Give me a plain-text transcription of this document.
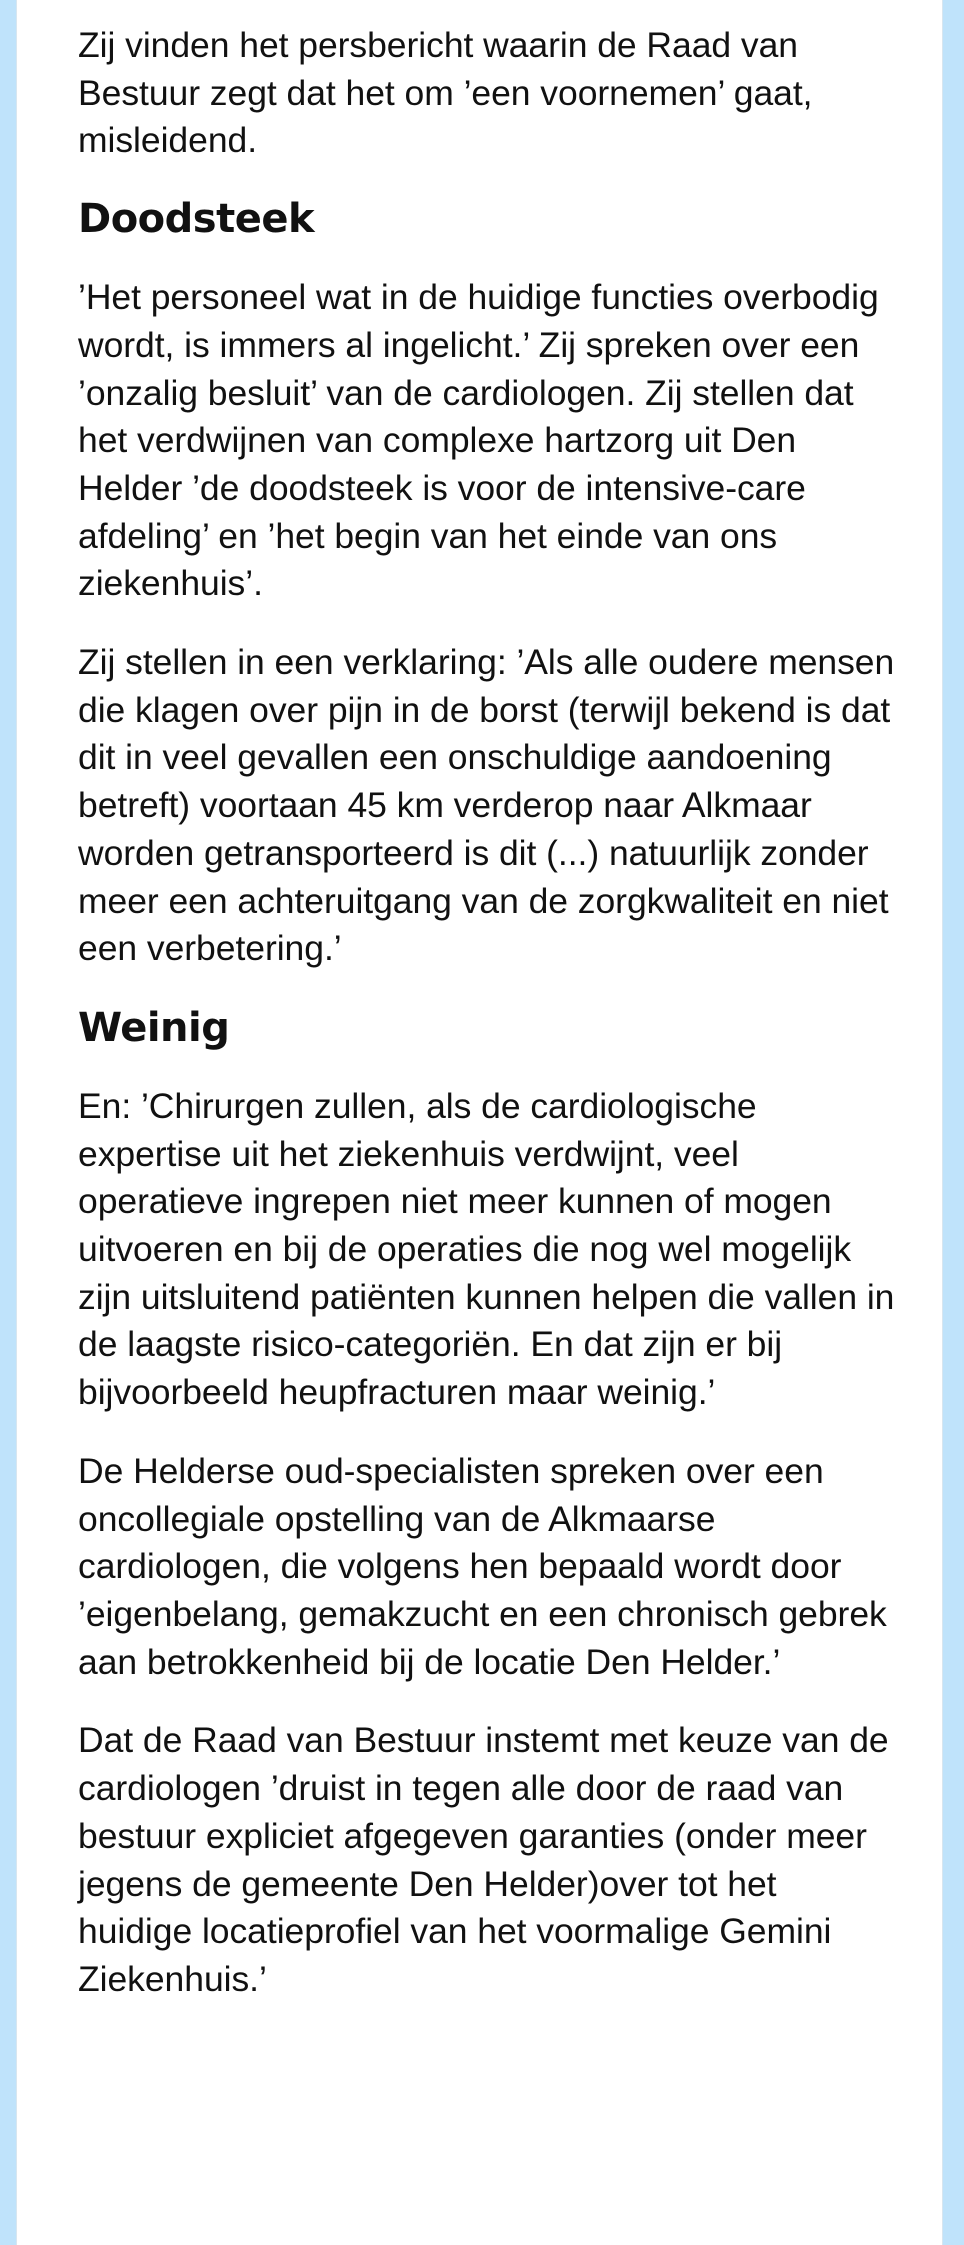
Zij vinden het persbericht waarin de Raad van Bestuur zegt dat het om ’een voornemen’ gaat, misleidend.

Doodsteek

’Het personeel wat in de huidige functies overbodig wordt, is immers al ingelicht.’ Zij spreken over een ’onzalig besluit’ van de cardiologen. Zij stellen dat het verdwijnen van complexe hartzorg uit Den Helder ’de doodsteek is voor de intensive-care afdeling’ en ’het begin van het einde van ons ziekenhuis’.

Zij stellen in een verklaring: ’Als alle oudere mensen die klagen over pijn in de borst (terwijl bekend is dat dit in veel gevallen een onschuldige aandoening betreft) voortaan 45 km verderop naar Alkmaar worden getransporteerd is dit (...) natuurlijk zonder meer een achteruitgang van de zorgkwaliteit en niet een verbetering.’

Weinig

En: ’Chirurgen zullen, als de cardiologische expertise uit het ziekenhuis verdwijnt, veel operatieve ingrepen niet meer kunnen of mogen uitvoeren en bij de operaties die nog wel mogelijk zijn uitsluitend patiënten kunnen helpen die vallen in de laagste risico-categoriën. En dat zijn er bij bijvoorbeeld heupfracturen maar weinig.’

De Helderse oud-specialisten spreken over een oncollegiale opstelling van de Alkmaarse cardiologen, die volgens hen bepaald wordt door ’eigenbelang, gemakzucht en een chronisch gebrek aan betrokkenheid bij de locatie Den Helder.’

Dat de Raad van Bestuur instemt met keuze van de cardiologen ’druist in tegen alle door de raad van bestuur expliciet afgegeven garanties (onder meer jegens de gemeente Den Helder)over tot het huidige locatieprofiel van het voormalige Gemini Ziekenhuis.’
